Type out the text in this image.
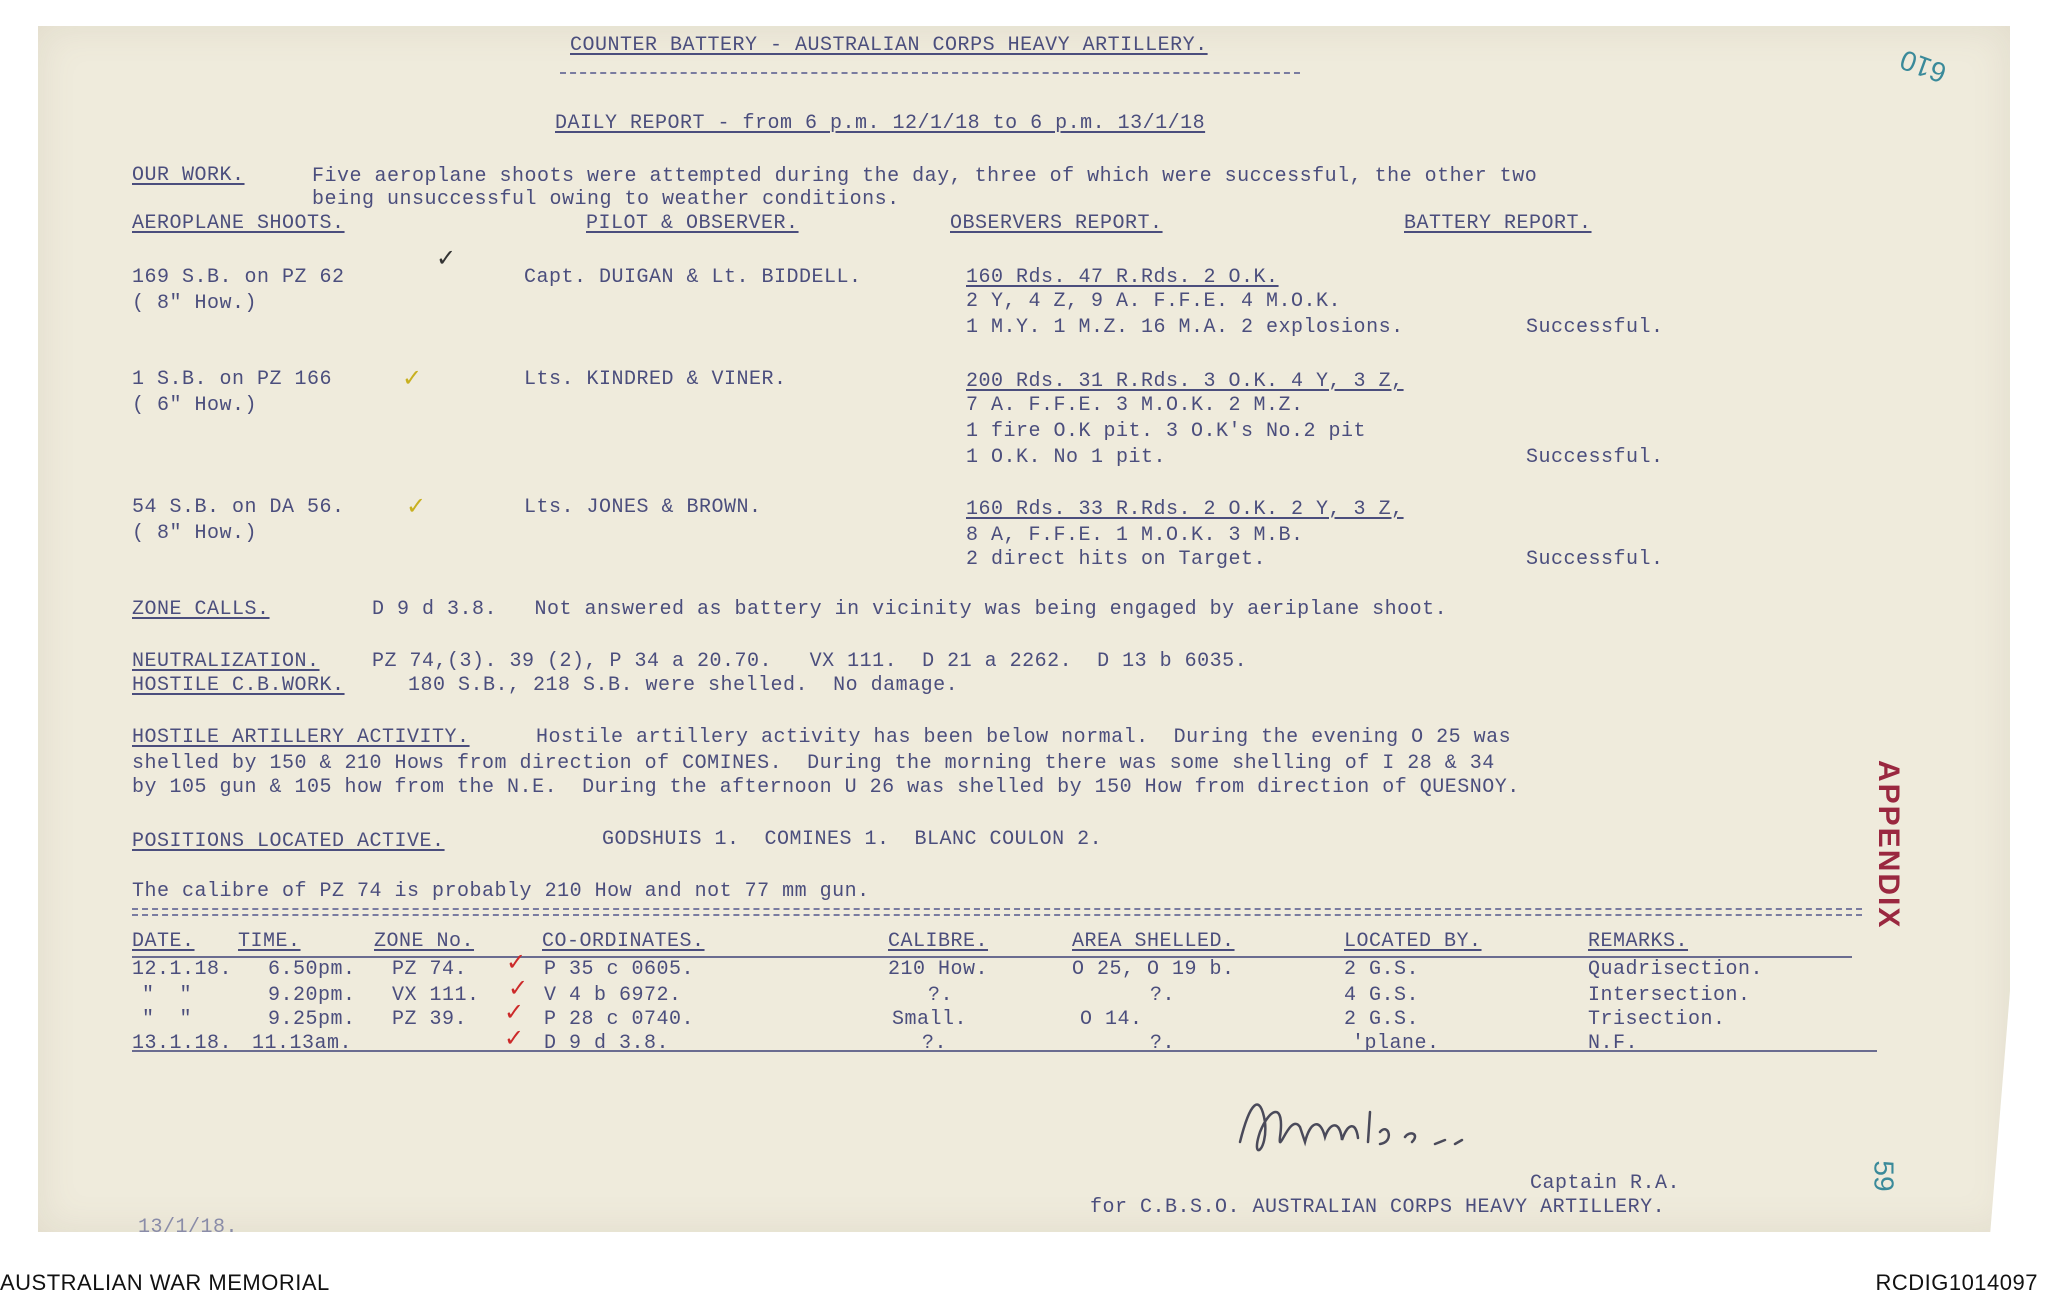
COUNTER BATTERY - AUSTRALIAN CORPS HEAVY ARTILLERY.
DAILY REPORT - from 6 p.m. 12/1/18 to 6 p.m. 13/1/18
610
OUR WORK.	Five aeroplane shoots were attempted during the day, three of which were successful, the other two
being unsuccessful owing to weather conditions.
AEROPLANE SHOOTS.	PILOT & OBSERVER.	OBSERVERS REPORT.	BATTERY REPORT.
169 S.B. on PZ 62
( 8" How.)
✓
Capt. DUIGAN & Lt. BIDDELL.	160 Rds. 47 R.Rds. 2 O.K.
2 Y, 4 Z, 9 A. F.F.E. 4 M.O.K.
1 M.Y. 1 M.Z. 16 M.A. 2 explosions.	Successful.
1 S.B. on PZ 166
( 6" How.)
✓	Lts. KINDRED & VINER.	200 Rds. 31 R.Rds. 3 O.K. 4 Y, 3 Z,
7 A. F.F.E. 3 M.O.K. 2 M.Z.
1 fire O.K pit. 3 O.K's No.2 pit
1 O.K. No 1 pit.	Successful.
54 S.B. on DA 56.
( 8" How.)
✓	Lts. JONES & BROWN.	160 Rds. 33 R.Rds. 2 O.K. 2 Y, 3 Z,
8 A, F.F.E. 1 M.O.K. 3 M.B.
2 direct hits on Target.	Successful.
ZONE CALLS.	D 9 d 3.8.   Not answered as battery in vicinity was being engaged by aeriplane shoot.
NEUTRALIZATION.	PZ 74,(3). 39 (2), P 34 a 20.70.   VX 111.  D 21 a 2262.  D 13 b 6035.
HOSTILE C.B.WORK.	180 S.B., 218 S.B. were shelled.  No damage.
HOSTILE ARTILLERY ACTIVITY.	Hostile artillery activity has been below normal.  During the evening O 25 was
shelled by 150 & 210 Hows from direction of COMINES.  During the morning there was some shelling of I 28 & 34
by 105 gun & 105 how from the N.E.  During the afternoon U 26 was shelled by 150 How from direction of QUESNOY.
POSITIONS LOCATED ACTIVE.	GODSHUIS 1.  COMINES 1.  BLANC COULON 2.
The calibre of PZ 74 is probably 210 How and not 77 mm gun.
DATE. TIME.	ZONE No.	CO-ORDINATES.	CALIBRE.	AREA SHELLED.	LOCATED BY.	REMARKS.
12.1.18. 6.50pm. PZ 74.	P 35 c 0605.	210 How.	O 25, O 19 b.	2 G.S.	Quadrisection.
✓
"  "	9.20pm. VX 111.	V 4 b 6972.	?.	?.	4 G.S.	Intersection.
✓
"  "	9.25pm. PZ 39.	P 28 c 0740.	Small.	O 14.	2 G.S.	Trisection.
✓
13.1.18. 11.13am.	D 9 d 3.8.	?.	?.	'plane.	N.F.
✓
Captain R.A.
for C.B.S.O. AUSTRALIAN CORPS HEAVY ARTILLERY.
13/1/18.
APPENDIX
59
AUSTRALIAN WAR MEMORIAL	RCDIG1014097
